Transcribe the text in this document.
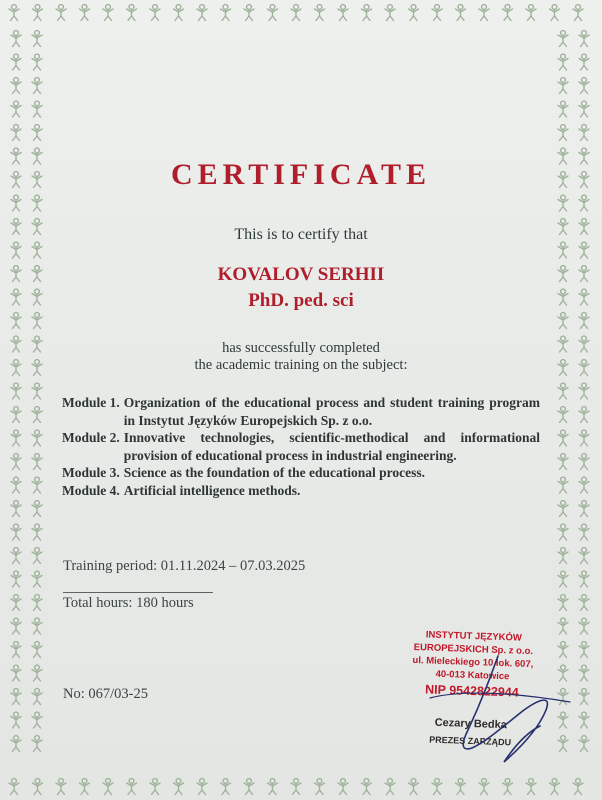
CERTIFICATE
This is to certify that
KOVALOV SERHII
PhD. ped. sci
has successfully completed
the academic training on the subject:
Module 1. Organization of the educational process and student training program in Instytut Języków Europejskich Sp. z o.o.
Module 2. Innovative technologies, scientific-methodical and informational provision of educational process in industrial engineering.
Module 3. Science as the foundation of the educational process.
Module 4. Artificial intelligence methods.
Training period: 01.11.2024 – 07.03.2025
Total hours: 180 hours
No: 067/03-25
INSTYTUT JĘZYKÓW EUROPEJSKICH Sp. z o.o.
ul. Mieleckiego 10 lok. 607,
40-013 Katowice
NIP 9542822944
Cezary Bedka
PREZES ZARZĄDU
